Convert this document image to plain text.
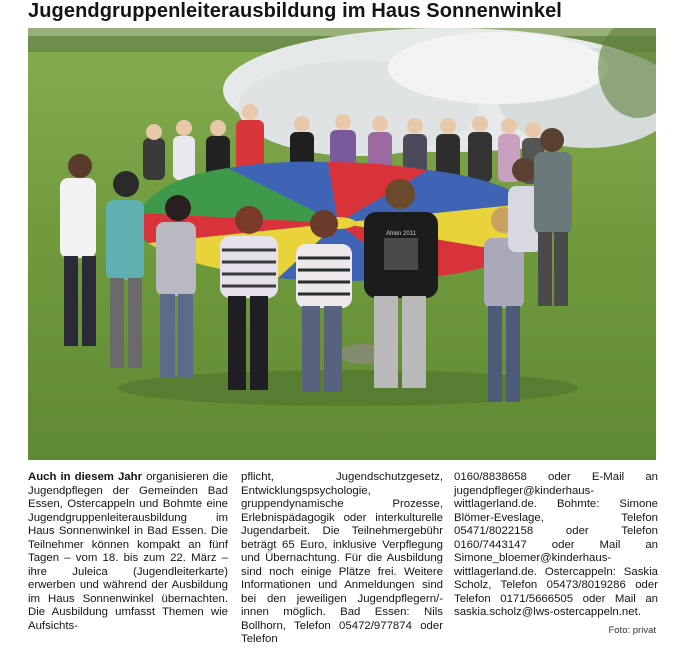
Jugendgruppenleiterausbildung im Haus Sonnenwinkel
Ahlen 2011
Auch in diesem Jahr organisieren die Jugendpflegen der Gemeinden Bad Essen, Ostercappeln und Bohmte eine Jugendgruppenleiterausbildung im Haus Sonnenwinkel in Bad Essen. Die Teilnehmer können kompakt an fünf Tagen – vom 18. bis zum 22. März – ihre Juleica (Jugendleiterkarte) erwerben und während der Ausbildung im Haus Sonnenwinkel übernachten. Die Ausbildung umfasst Themen wie Aufsichts-
pflicht, Jugendschutzgesetz, Entwicklungspsychologie, gruppendynamische Prozesse, Erlebnispädagogik oder interkulturelle Jugendarbeit. Die Teilnehmergebühr beträgt 65 Euro, inklusive Verpflegung und Übernachtung. Für die Ausbildung sind noch einige Plätze frei. Weitere Informationen und Anmeldungen sind bei den jeweiligen Jugendpflegern/-innen möglich. Bad Essen: Nils Bollhorn, Telefon 05472/977874 oder Telefon
0160/8838658 oder E-Mail an jugendpfleger@kinderhaus-wittlagerland.de. Bohmte: Simone Blömer-Eveslage, Telefon 05471/8022158 oder Telefon 0160/7443147 oder Mail an Simone_bloemer@kinderhaus-wittlagerland.de. Ostercappeln: Saskia Scholz, Telefon 05473/8019286 oder Telefon 0171/5666505 oder Mail an saskia.scholz@lws-ostercappeln.net.
Foto: privat
